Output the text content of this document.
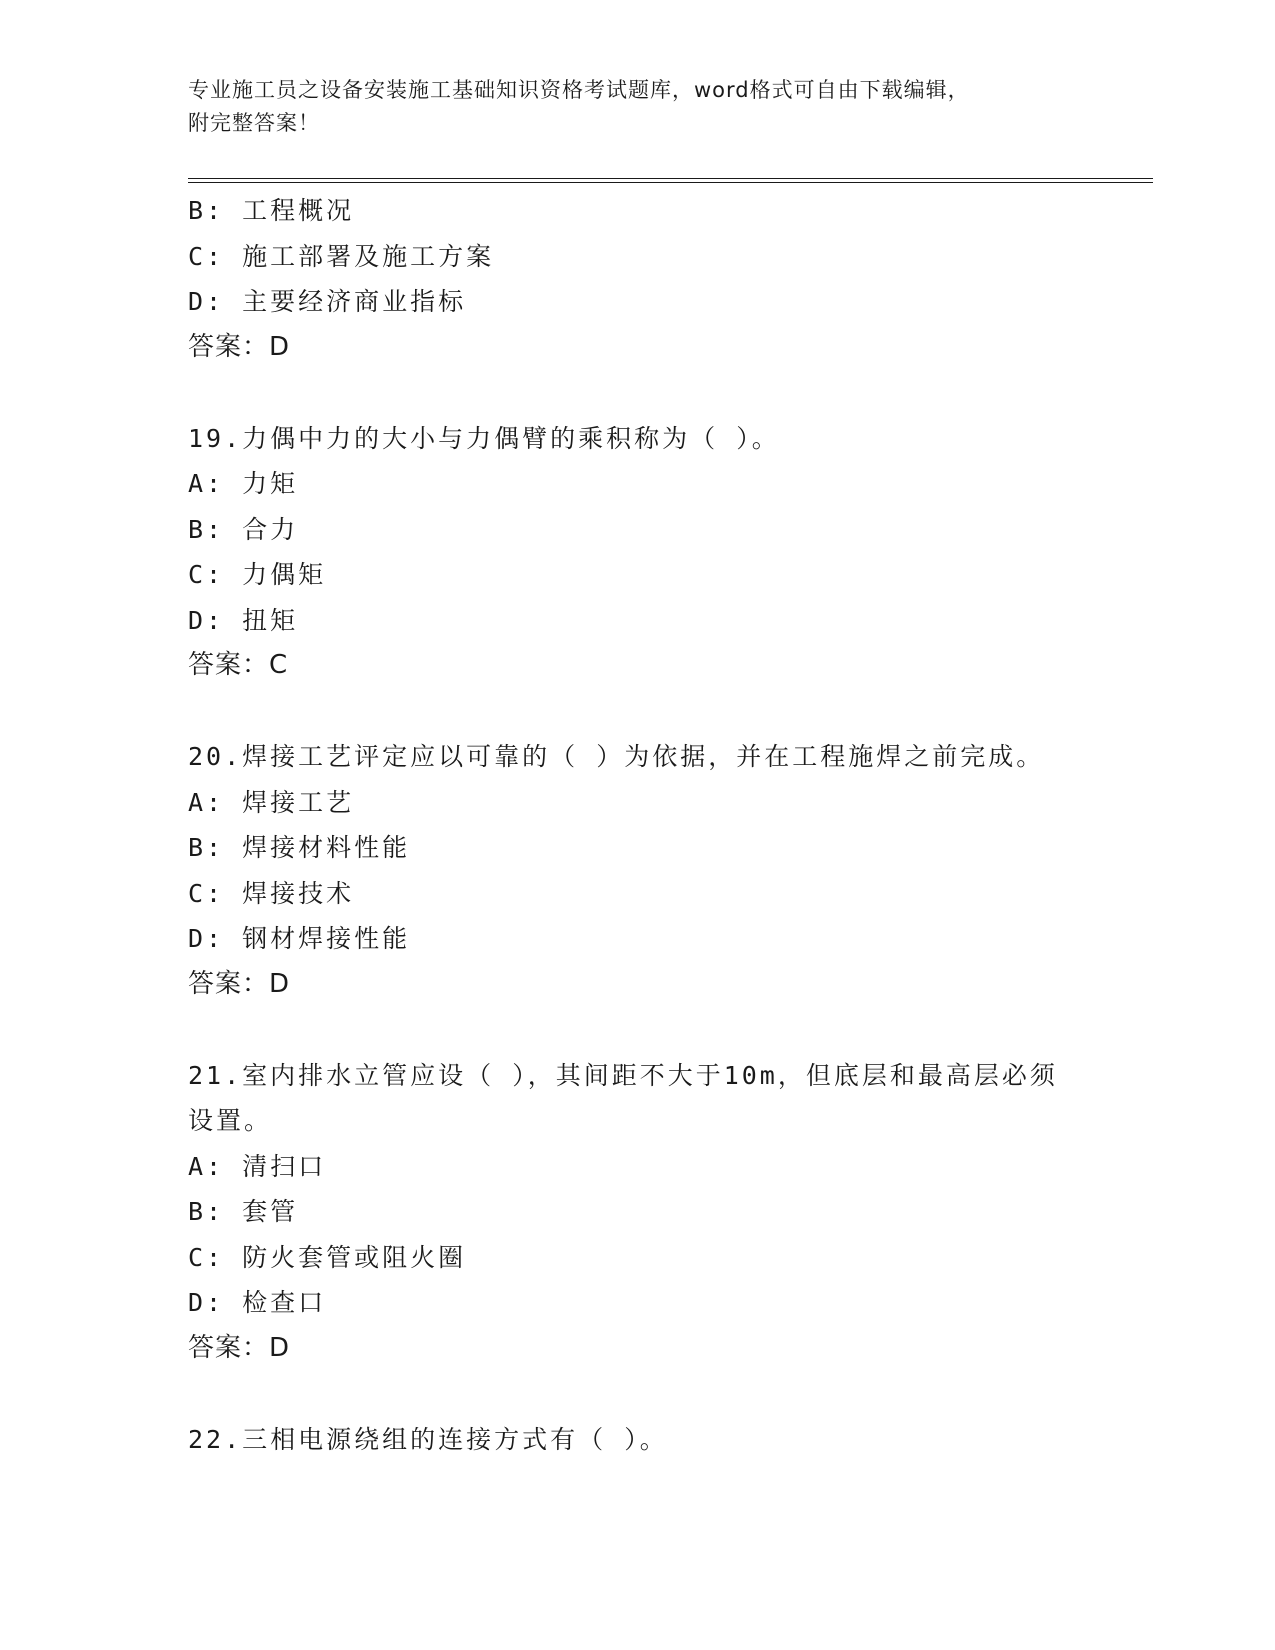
专业施工员之设备安装施工基础知识资格考试题库，word格式可自由下载编辑，
附完整答案！
B: 工程概况
C: 施工部署及施工方案
D: 主要经济商业指标
答案：D
19.力偶中力的大小与力偶臂的乘积称为（ ）。
A: 力矩
B: 合力
C: 力偶矩
D: 扭矩
答案：C
20.焊接工艺评定应以可靠的（ ）为依据，并在工程施焊之前完成。
A: 焊接工艺
B: 焊接材料性能
C: 焊接技术
D: 钢材焊接性能
答案：D
21.室内排水立管应设（ ），其间距不大于10m，但底层和最高层必须
设置。
A: 清扫口
B: 套管
C: 防火套管或阻火圈
D: 检查口
答案：D
22.三相电源绕组的连接方式有（ ）。
